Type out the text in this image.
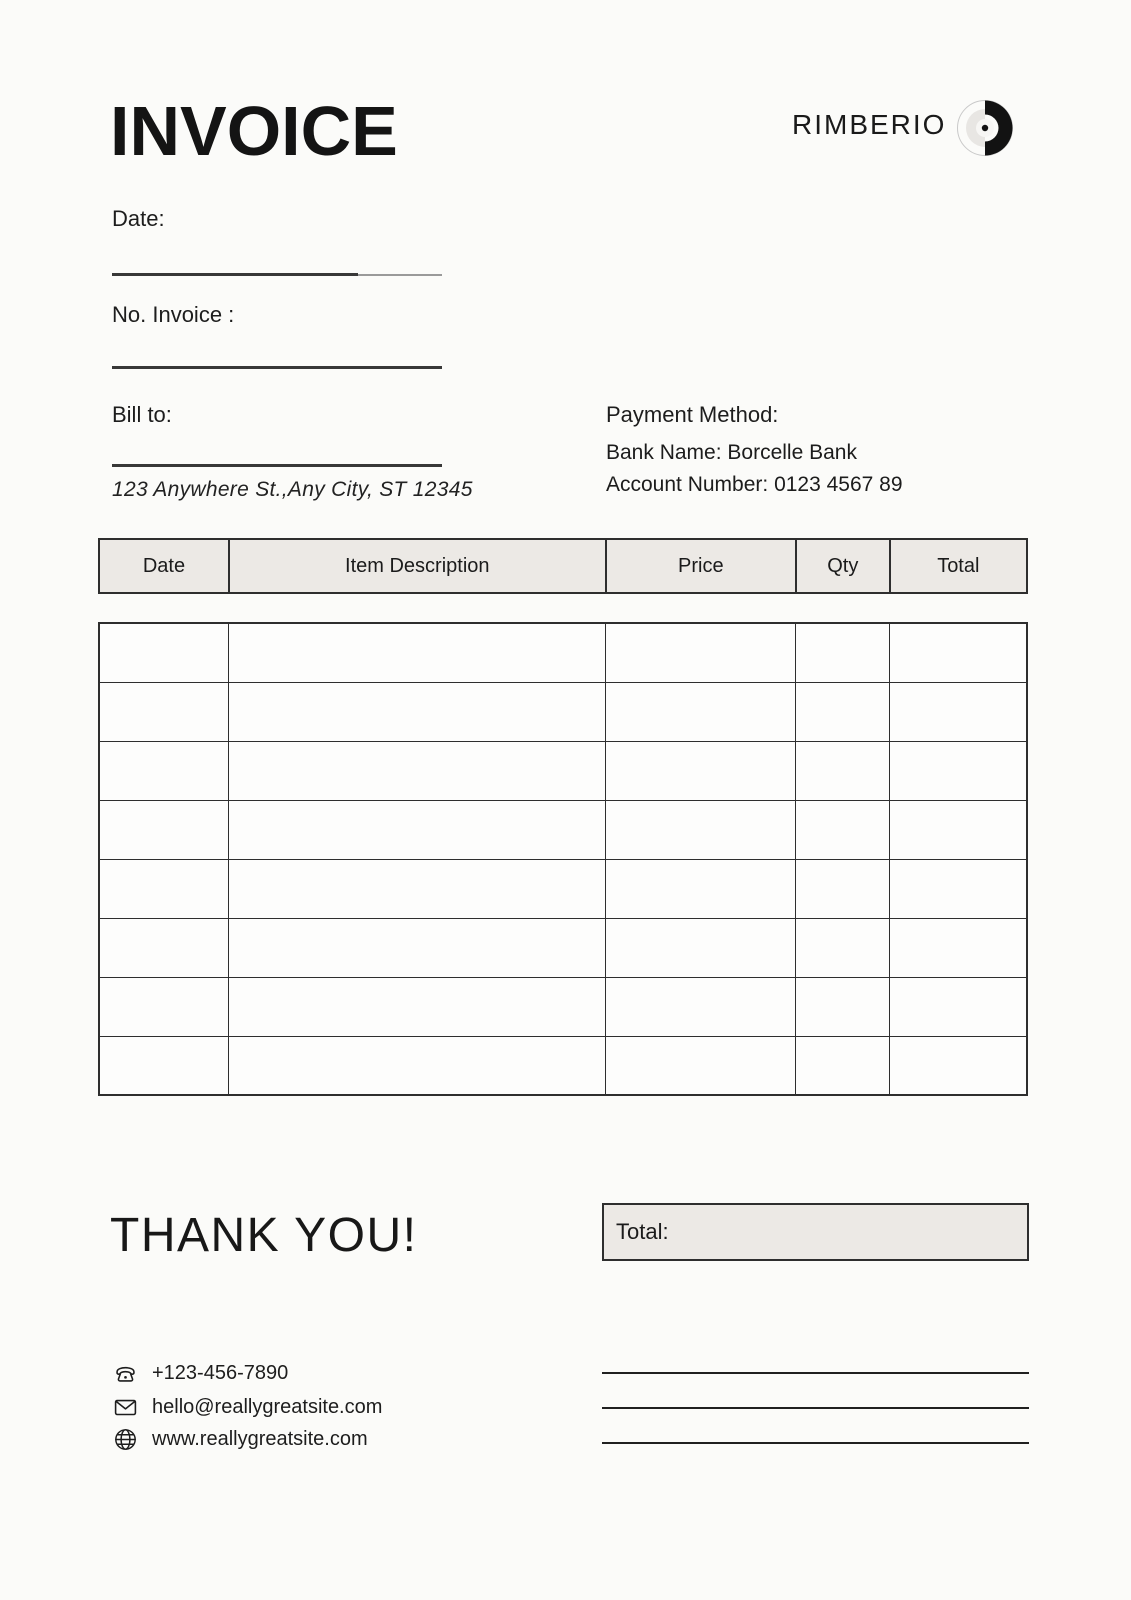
INVOICE	RIMBERIO
Date:
No. Invoice :
Bill to:
123 Anywhere St.,Any City, ST 12345
Payment Method:
Bank Name: Borcelle Bank
Account Number: 0123 4567 89
Date	Item Description	Price	Qty	Total

THANK YOU!	Total:
+123-456-7890
hello@reallygreatsite.com
www.reallygreatsite.com
